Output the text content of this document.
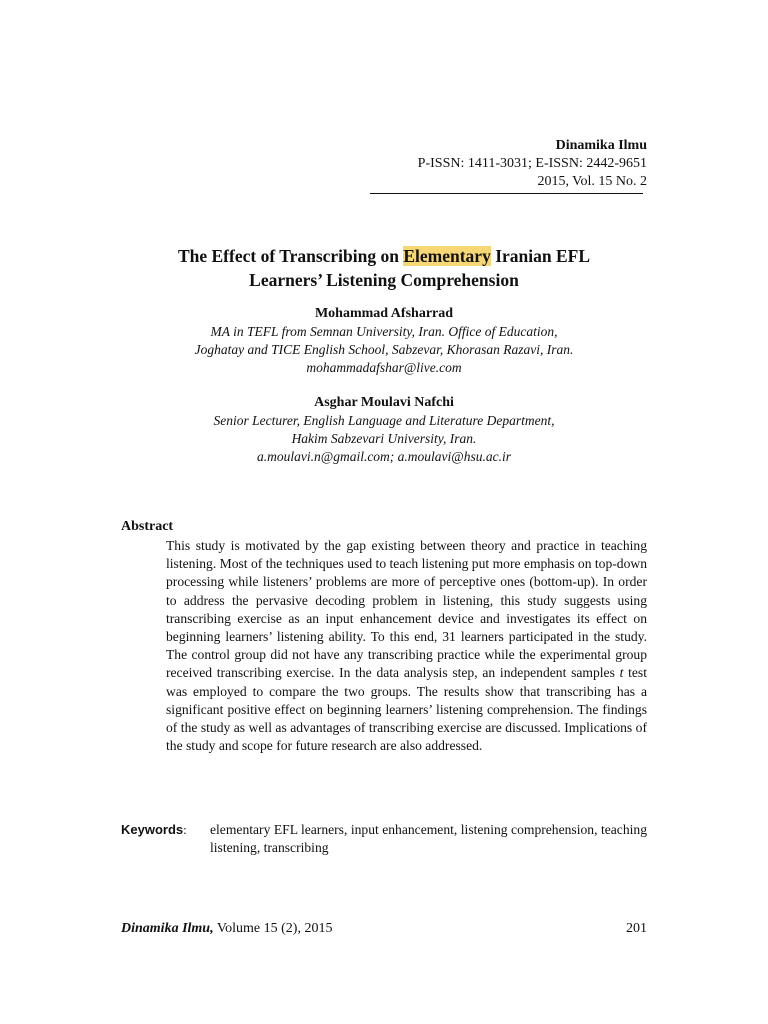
Dinamika Ilmu
P-ISSN: 1411-3031; E-ISSN: 2442-9651
2015, Vol. 15 No. 2
The Effect of Transcribing on Elementary Iranian EFL
Learners’ Listening Comprehension
Mohammad Afsharrad
MA in TEFL from Semnan University, Iran. Office of Education,
Joghatay and TICE English School, Sabzevar, Khorasan Razavi, Iran.
mohammadafshar@live.com
Asghar Moulavi Nafchi
Senior Lecturer, English Language and Literature Department,
Hakim Sabzevari University, Iran.
a.moulavi.n@gmail.com; a.moulavi@hsu.ac.ir
Abstract
This study is motivated by the gap existing between theory and practice in teaching listening. Most of the techniques used to teach listening put more emphasis on top-down processing while listeners’ problems are more of perceptive ones (bottom-up). In order to address the pervasive decoding problem in listening, this study suggests using transcribing exercise as an input enhancement device and investigates its effect on beginning learners’ listening ability. To this end, 31 learners participated in the study. The control group did not have any transcribing practice while the experimental group received transcribing exercise. In the data analysis step, an independent samples t test was employed to compare the two groups. The results show that transcribing has a significant positive effect on beginning learners’ listening comprehension. The findings of the study as well as advantages of transcribing exercise are discussed. Implications of the study and scope for future research are also addressed.
Keywords:	elementary EFL learners, input enhancement, listening comprehension, teaching listening, transcribing
Dinamika Ilmu, Volume 15 (2), 2015	201
